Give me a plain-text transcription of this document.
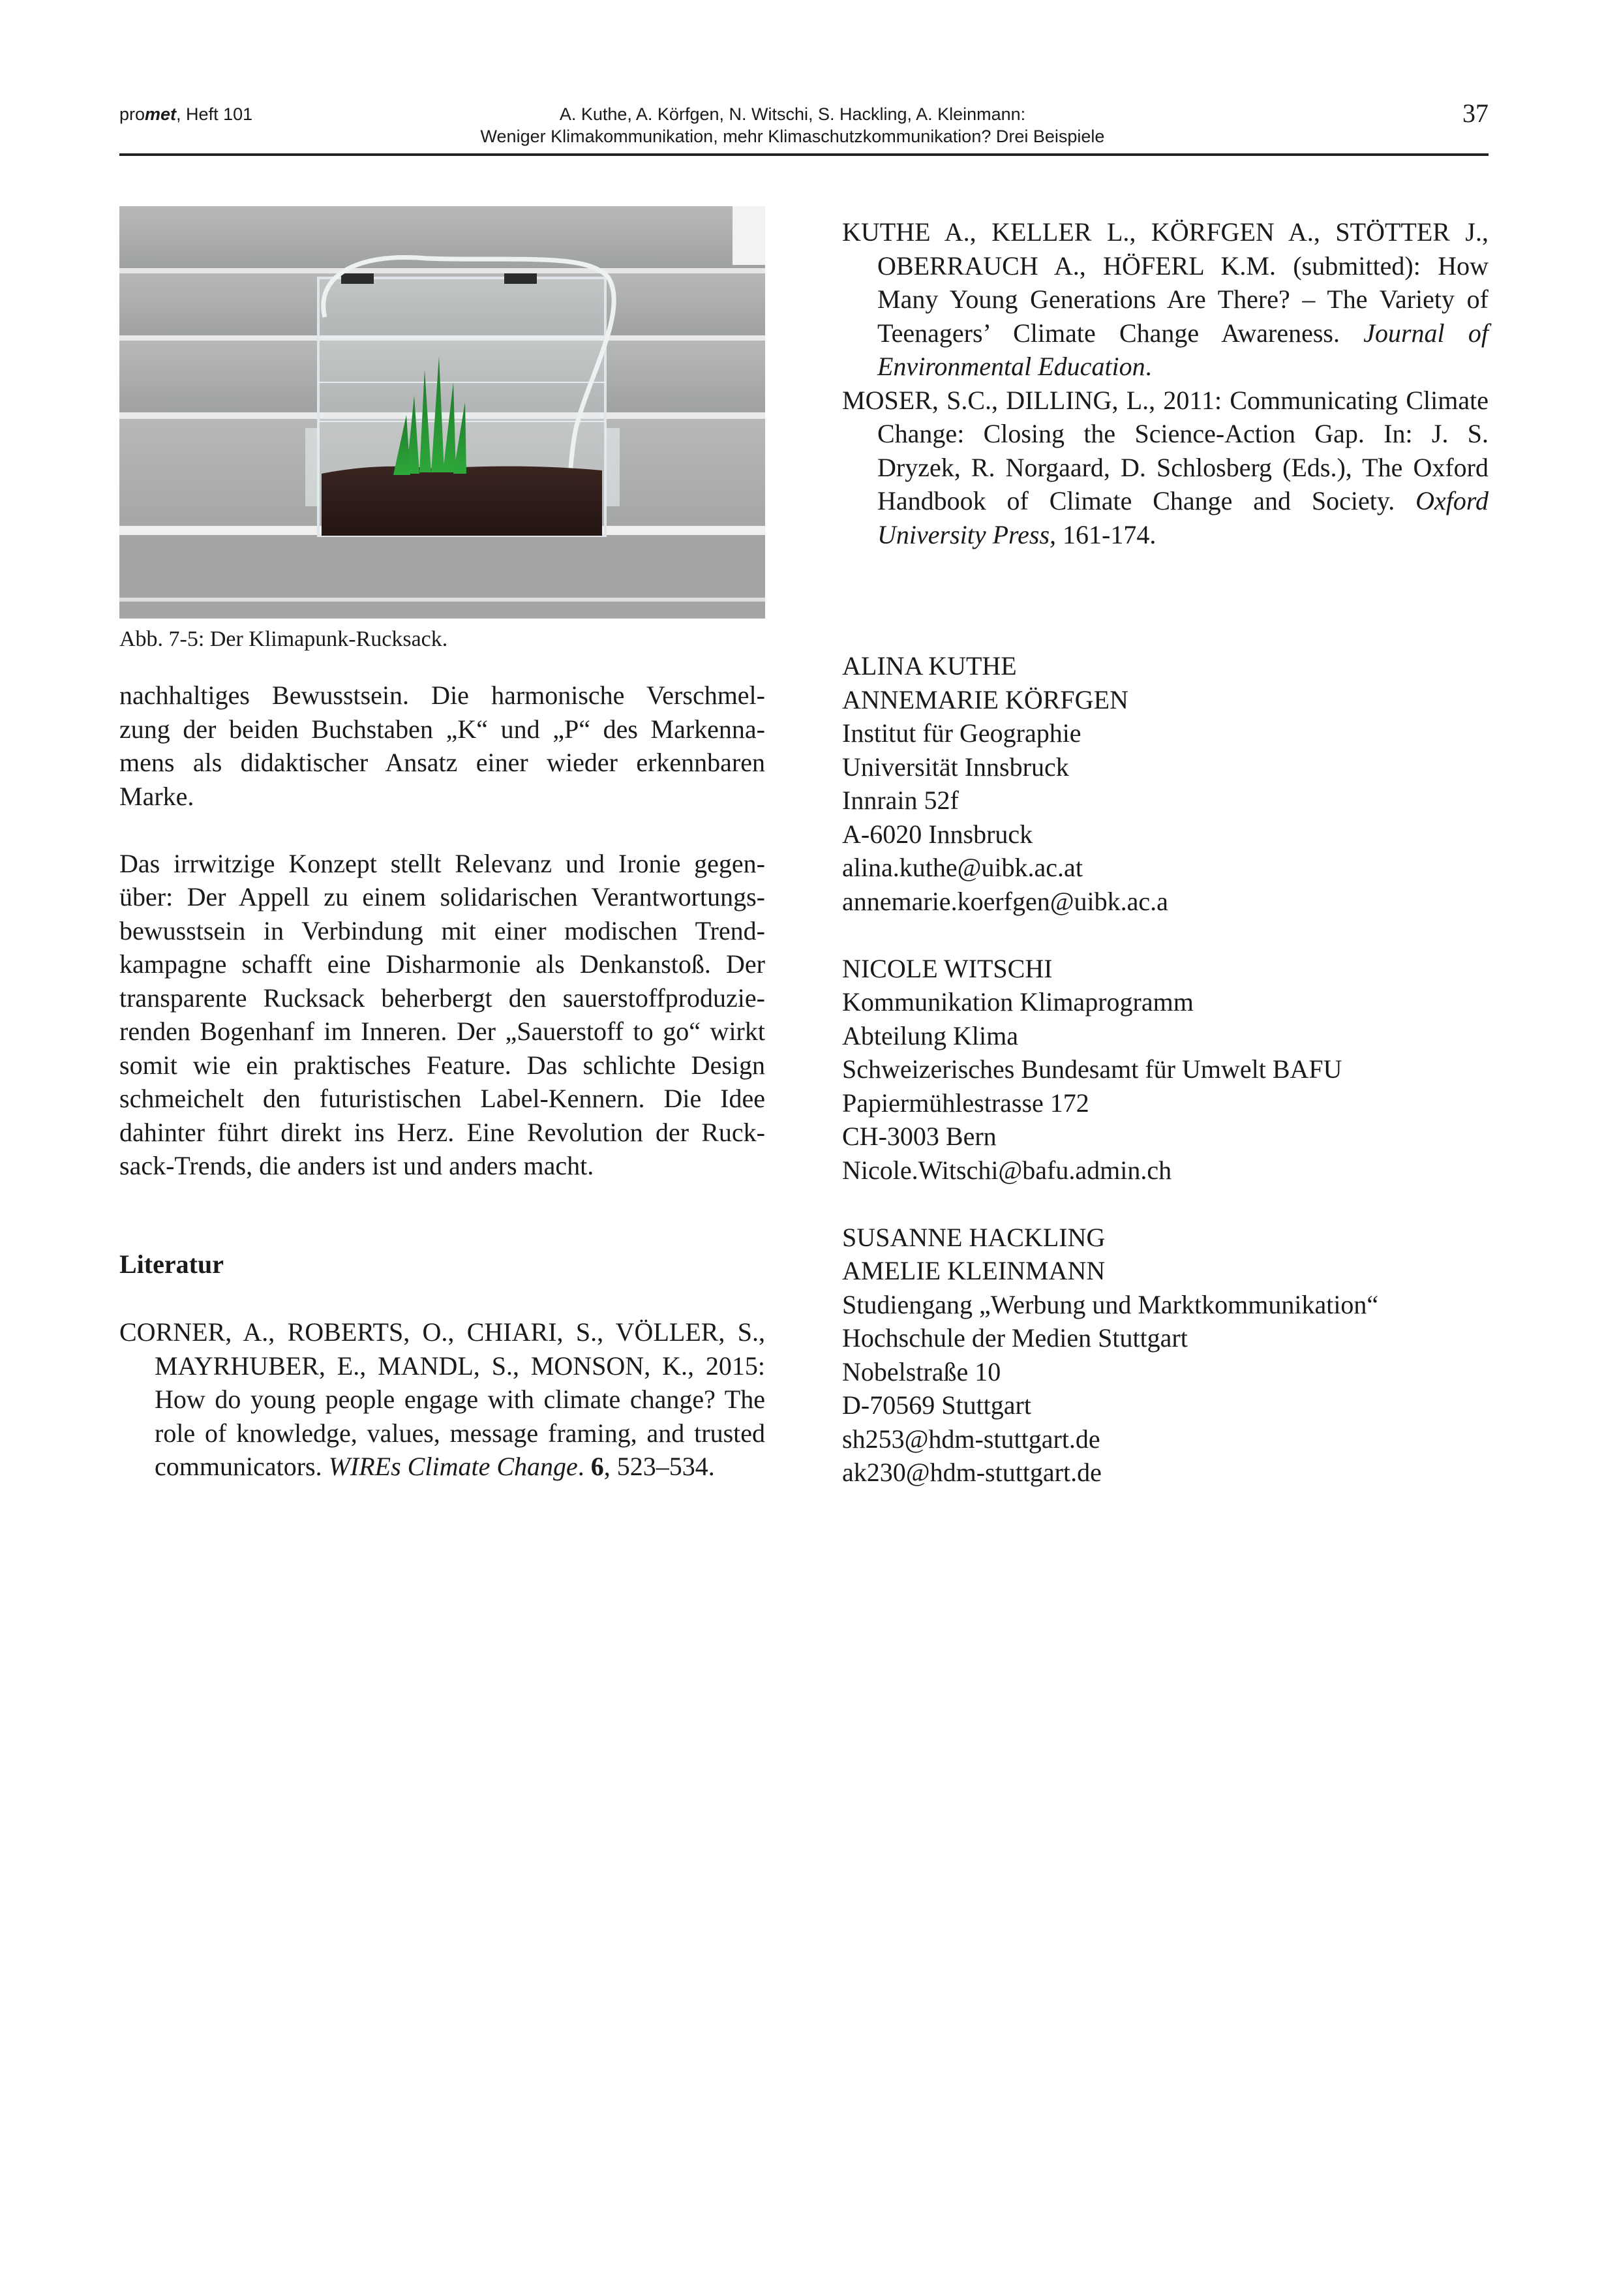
promet, Heft 101	A. Kuthe, A. Körfgen, N. Witschi, S. Hackling, A. Kleinmann:
Weniger Klimakommunikation, mehr Klimaschutzkommunikation? Drei Beispiele
37
Abb. 7-5: Der Klimapunk-Rucksack.
nachhaltiges Bewusstsein. Die harmonische Verschmel-
zung der beiden Buchstaben „K“ und „P“ des Markenna-
mens als didaktischer Ansatz einer wieder erkennbaren
Marke.
Das irrwitzige Konzept stellt Relevanz und Ironie gegen-
über: Der Appell zu einem solidarischen Verantwortungs-
bewusstsein in Verbindung mit einer modischen Trend-
kampagne schafft eine Disharmonie als Denkanstoß. Der
transparente Rucksack beherbergt den sauerstoffproduzie-
renden Bogenhanf im Inneren. Der „Sauerstoff to go“ wirkt
somit wie ein praktisches Feature. Das schlichte Design
schmeichelt den futuristischen Label-Kennern. Die Idee
dahinter führt direkt ins Herz. Eine Revolution der Ruck-
sack-Trends, die anders ist und anders macht.
Literatur

CORNER, A., ROBERTS, O., CHIARI, S., VÖLLER, S., MAYRHUBER, E., MANDL, S., MONSON, K., 2015: How do young people engage with climate change? The role of knowledge, values, message framing, and trusted communicators. WIREs Climate Change. 6, 523–534.

KUTHE A., KELLER L., KÖRFGEN A., STÖTTER J., OBERRAUCH A., HÖFERL K.M. (submitted): How Many Young Generations Are There? – The Variety of Teenagers’ Climate Change Awareness. Journal of Environmental Education.

MOSER, S.C., DILLING, L., 2011: Communicating Climate Change: Closing the Science-Action Gap. In: J. S. Dryzek, R. Norgaard, D. Schlosberg (Eds.), The Oxford Handbook of Climate Change and Society. Oxford University Press, 161-174.

ALINA KUTHE
ANNEMARIE KÖRFGEN
Institut für Geographie
Universität Innsbruck
Innrain 52f
A-6020 Innsbruck
alina.kuthe@uibk.ac.at
annemarie.koerfgen@uibk.ac.a
NICOLE WITSCHI
Kommunikation Klimaprogramm
Abteilung Klima
Schweizerisches Bundesamt für Umwelt BAFU
Papiermühlestrasse 172
CH-3003 Bern
Nicole.Witschi@bafu.admin.ch
SUSANNE HACKLING
AMELIE KLEINMANN
Studiengang „Werbung und Marktkommunikation“
Hochschule der Medien Stuttgart
Nobelstraße 10
D-70569 Stuttgart
sh253@hdm-stuttgart.de
ak230@hdm-stuttgart.de
